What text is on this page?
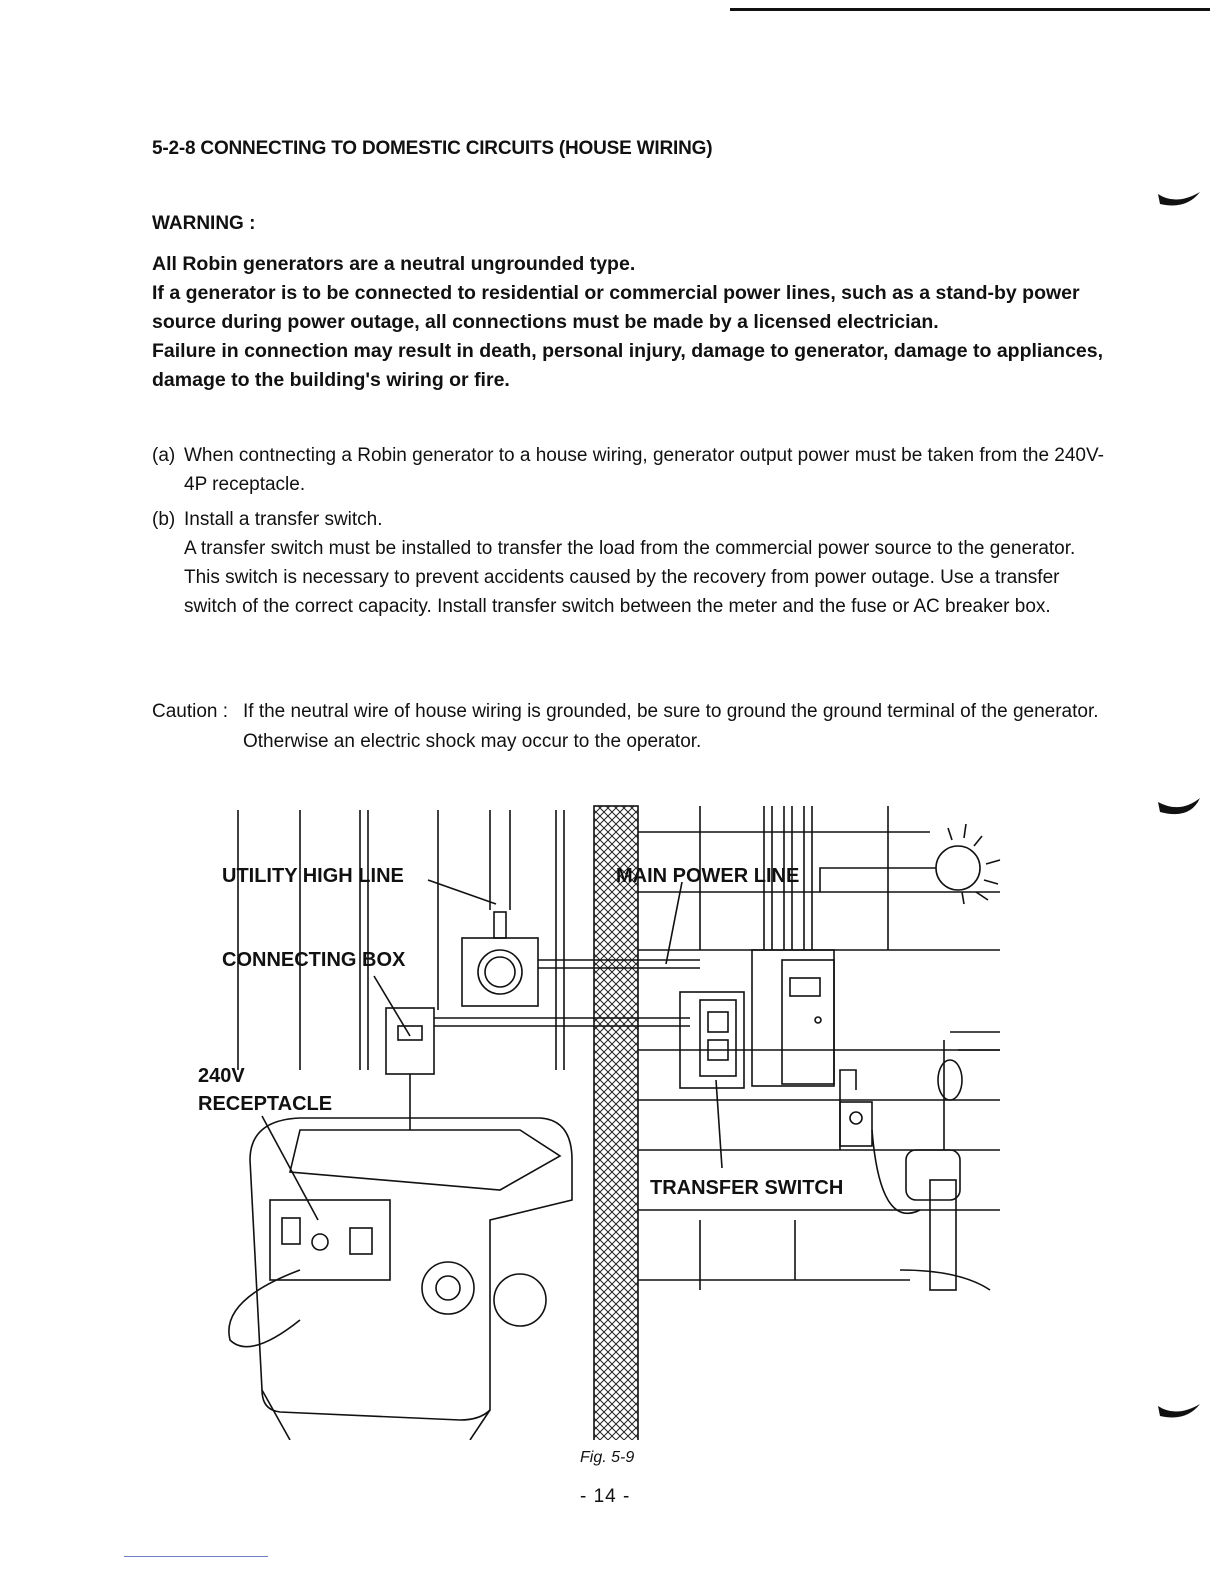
5-2-8 CONNECTING TO DOMESTIC CIRCUITS (HOUSE WIRING)
WARNING :

All Robin generators are a neutral ungrounded type.

If a generator is to be connected to residential or commercial power lines, such as a stand-by power source during power outage, all connections must be made by a licensed electrician.

Failure in connection may result in death, personal injury, damage to generator, damage to appliances, damage to the building's wiring or fire.

(a) When contnecting a Robin generator to a house wiring, generator output power must be taken from the 240V-4P receptacle.

(b) Install a transfer switch.

A transfer switch must be installed to transfer the load from the commercial power source to the generator. This switch is necessary to prevent accidents caused by the recovery from power outage. Use a transfer switch of the correct capacity. Install transfer switch between the meter and the fuse or AC breaker box.

Caution : If the neutral wire of house wiring is grounded, be sure to ground the ground terminal of the generator. Otherwise an electric shock may occur to the operator.
UTILITY HIGH LINE
CONNECTING BOX
240V
RECEPTACLE
MAIN POWER LINE
TRANSFER SWITCH
Fig. 5-9
- 14 -
